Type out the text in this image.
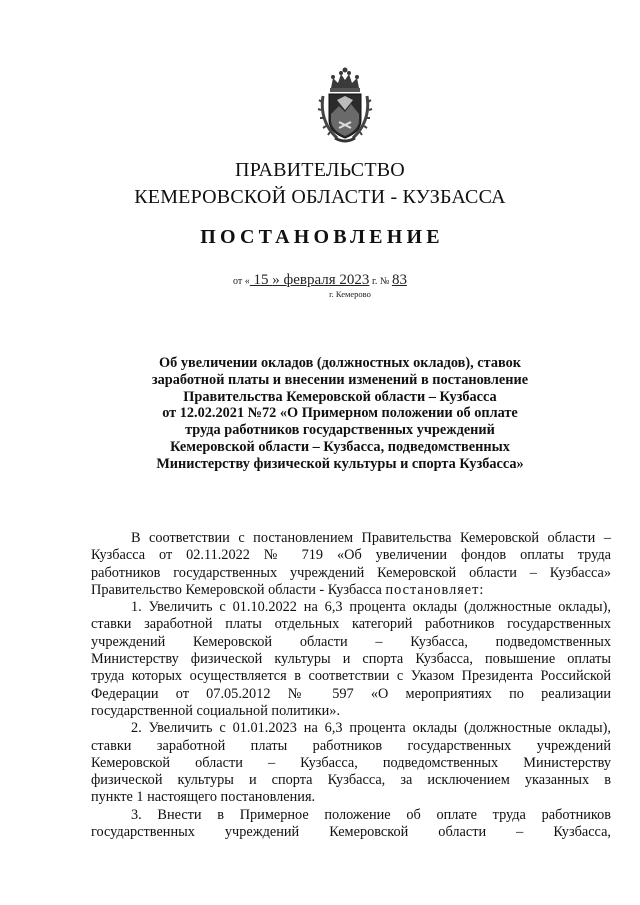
ПРАВИТЕЛЬСТВО
КЕМЕРОВСКОЙ ОБЛАСТИ - КУЗБАССА
ПОСТАНОВЛЕНИЕ
от « 15 » февраля 2023 г. № 83
г. Кемерово
Об увеличении окладов (должностных окладов), ставок
заработной платы и внесении изменений в постановление
Правительства Кемеровской области – Кузбасса
от 12.02.2021 №72 «О Примерном положении об оплате
труда работников государственных учреждений
Кемеровской области – Кузбасса, подведомственных
Министерству физической культуры и спорта Кузбасса»
В соответствии с постановлением Правительства Кемеровской области –
Кузбасса от 02.11.2022 № 719 «Об увеличении фондов оплаты труда
работников государственных учреждений Кемеровской области – Кузбасса»
Правительство Кемеровской области - Кузбасса постановляет:
1. Увеличить с 01.10.2022 на 6,3 процента оклады (должностные оклады),
ставки заработной платы отдельных категорий работников государственных
учреждений Кемеровской области – Кузбасса, подведомственных
Министерству физической культуры и спорта Кузбасса, повышение оплаты
труда которых осуществляется в соответствии с Указом Президента Российской
Федерации от 07.05.2012 № 597 «О мероприятиях по реализации
государственной социальной политики».
2. Увеличить с 01.01.2023 на 6,3 процента оклады (должностные оклады),
ставки заработной платы работников государственных учреждений
Кемеровской области – Кузбасса, подведомственных Министерству
физической культуры и спорта Кузбасса, за исключением указанных в
пункте 1 настоящего постановления.
3. Внести в Примерное положение об оплате труда работников
государственных учреждений Кемеровской области – Кузбасса,
